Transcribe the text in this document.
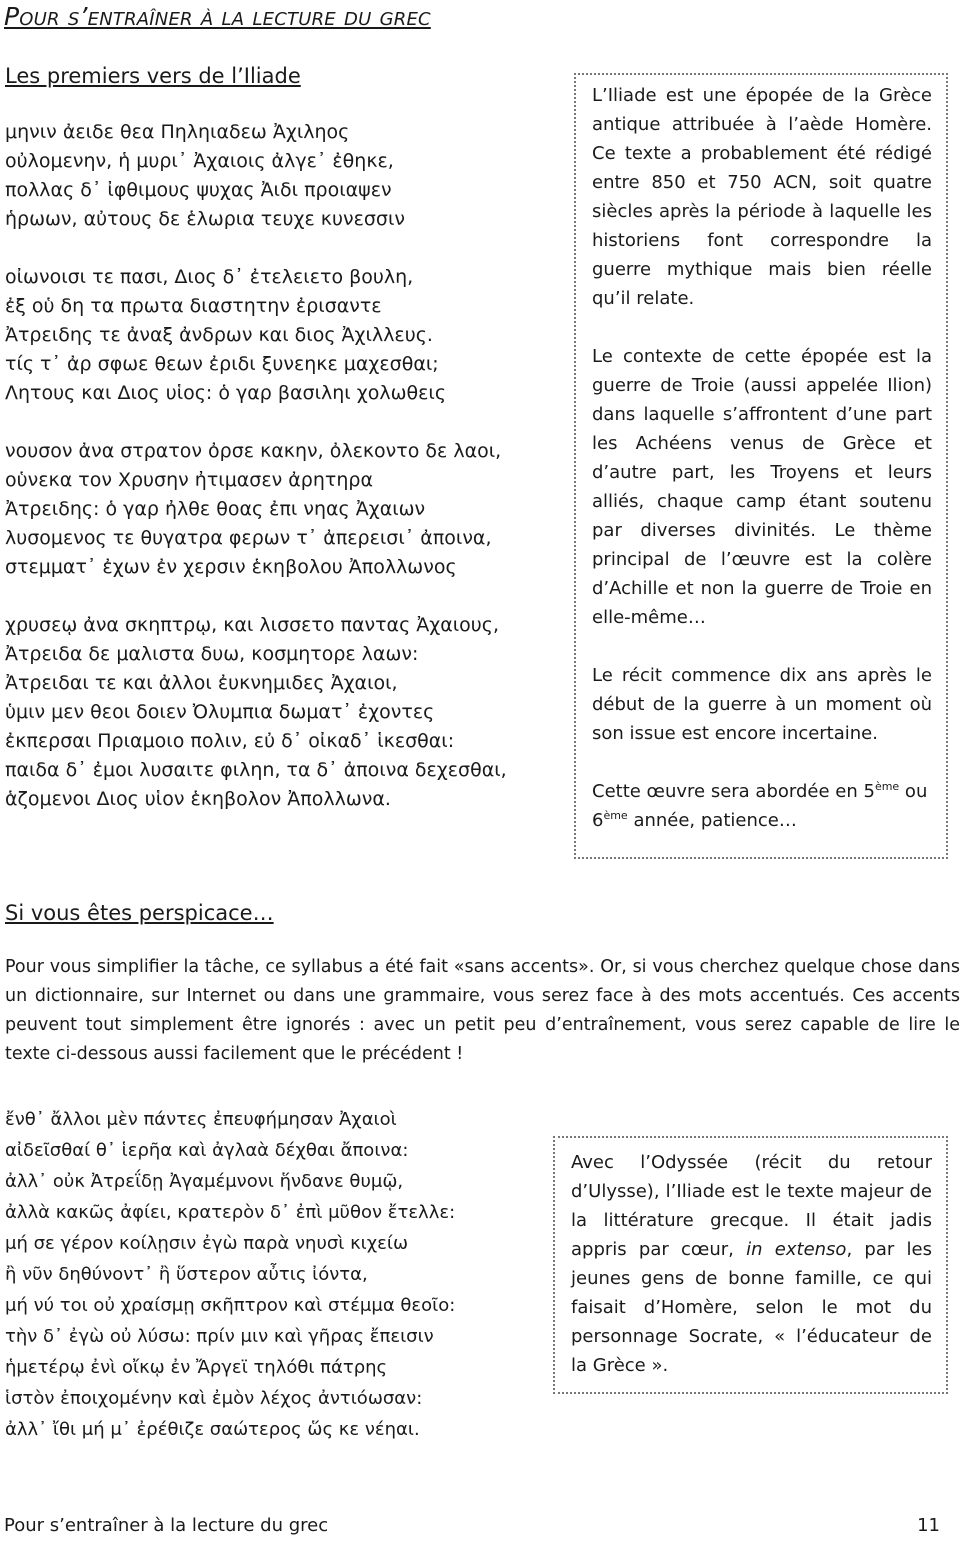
Pour s’entraîner à la lecture du grec
Les premiers vers de l’Iliade
μηνιν ἀειδε θεα Πηληιαδεω Ἀχιληος
οὐλομενην, ἡ μυρι᾽ Ἀχαιοις ἀλγε᾽ ἐθηκε,
πολλας δ᾽ ἰφθιμους ψυχας Ἀιδι προιαψεν
ἡρωων, αὐτους δε ἑλωρια τευχε κυνεσσιν
οἰωνοισι τε πασι, Διος δ᾽ ἐτελειετο βουλη,
ἐξ οὑ δη τα πρωτα διαστητην ἐρισαντε
Ἀτρειδης τε ἀναξ ἀνδρων και διος Ἀχιλλευς.
τίς τ᾽ ἀρ σφωε θεων ἐριδι ξυνεηκε μαχεσθαι;
Λητους και Διος υἱος: ὁ γαρ βασιληι χολωθεις
νουσον ἀνα στρατον ὀρσε κακην, ὀλεκοντο δε λαοι,
οὑνεκα τον Χρυσην ἠτιμασεν ἀρητηρα
Ἀτρειδης: ὁ γαρ ἠλθε θοας ἐπι νηας Ἀχαιων
λυσομενος τε θυγατρα φερων τ᾽ ἀπερεισι᾽ ἀποινα,
στεμματ᾽ ἐχων ἐν χερσιν ἑκηβολου Ἀπολλωνος
χρυσεῳ ἀνα σκηπτρῳ, και λισσετο παντας Ἀχαιους,
Ἀτρειδα δε μαλιστα δυω, κοσμητορε λαων:
Ἀτρειδαι τε και ἀλλοι ἐυκνημιδες Ἀχαιοι,
ὑμιν μεν θεοι δοιεν Ὀλυμπια δωματ᾽ ἐχοντες
ἐκπερσαι Πριαμοιο πολιν, εὐ δ᾽ οἰκαδ᾽ ἱκεσθαι:
παιδα δ᾽ ἐμοι λυσαιτε φιληn, τα δ᾽ ἀποινα δεχεσθαι,
ἁζομενοι Διος υἱον ἑκηβολον Ἀπολλωνα.

L’Iliade est une épopée de la Grèce antique attribuée à l’aède Homère. Ce texte a probablement été rédigé entre 850 et 750 ACN, soit quatre siècles après la période à laquelle les historiens font correspondre la guerre mythique mais bien réelle qu’il relate.

Le contexte de cette épopée est la guerre de Troie (aussi appelée Ilion) dans laquelle s’affrontent d’une part les Achéens venus de Grèce et d’autre part, les Troyens et leurs alliés, chaque camp étant soutenu par diverses divinités. Le thème principal de l’œuvre est la colère d’Achille et non la guerre de Troie en elle-même…

Le récit commence dix ans après le début de la guerre à un moment où son issue est encore incertaine.

Cette œuvre sera abordée en 5ème ou 6ème année, patience…

Si vous êtes perspicace…
Pour vous simplifier la tâche, ce syllabus a été fait «sans accents». Or, si vous cherchez quelque chose dans un dictionnaire, sur Internet ou dans une grammaire, vous serez face à des mots accentués. Ces accents peuvent tout simplement être ignorés : avec un petit peu d’entraînement, vous serez capable de lire le texte ci-dessous aussi facilement que le précédent !
ἔνθ᾽ ἄλλοι μὲν πάντες ἐπευφήμησαν Ἀχαιοὶ
αἰδεῖσθαί θ᾽ ἱερῆα καὶ ἀγλαὰ δέχθαι ἄποινα:
ἀλλ᾽ οὐκ Ἀτρεΐδῃ Ἀγαμέμνονι ἥνδανε θυμῷ,
ἀλλὰ κακῶς ἀφίει, κρατερὸν δ᾽ ἐπὶ μῦθον ἔτελλε:
μή σε γέρον κοίλῃσιν ἐγὼ παρὰ νηυσὶ κιχείω
ἢ νῦν δηθύνοντ᾽ ἢ ὕστερον αὖτις ἰόντα,
μή νύ τοι οὐ χραίσμῃ σκῆπτρον καὶ στέμμα θεοῖο:
τὴν δ᾽ ἐγὼ οὐ λύσω: πρίν μιν καὶ γῆρας ἔπεισιν
ἡμετέρῳ ἐνὶ οἴκῳ ἐν Ἄργεϊ τηλόθι πάτρης
ἱστὸν ἐποιχομένην καὶ ἐμὸν λέχος ἀντιόωσαν:
ἀλλ᾽ ἴθι μή μ᾽ ἐρέθιζε σαώτερος ὥς κε νέηαι.

Avec l’Odyssée (récit du retour d’Ulysse), l’Iliade est le texte majeur de la littérature grecque. Il était jadis appris par cœur, in extenso, par les jeunes gens de bonne famille, ce qui faisait d’Homère, selon le mot du personnage Socrate, « l’éducateur de la Grèce ».

Pour s’entraîner à la lecture du grec	11
